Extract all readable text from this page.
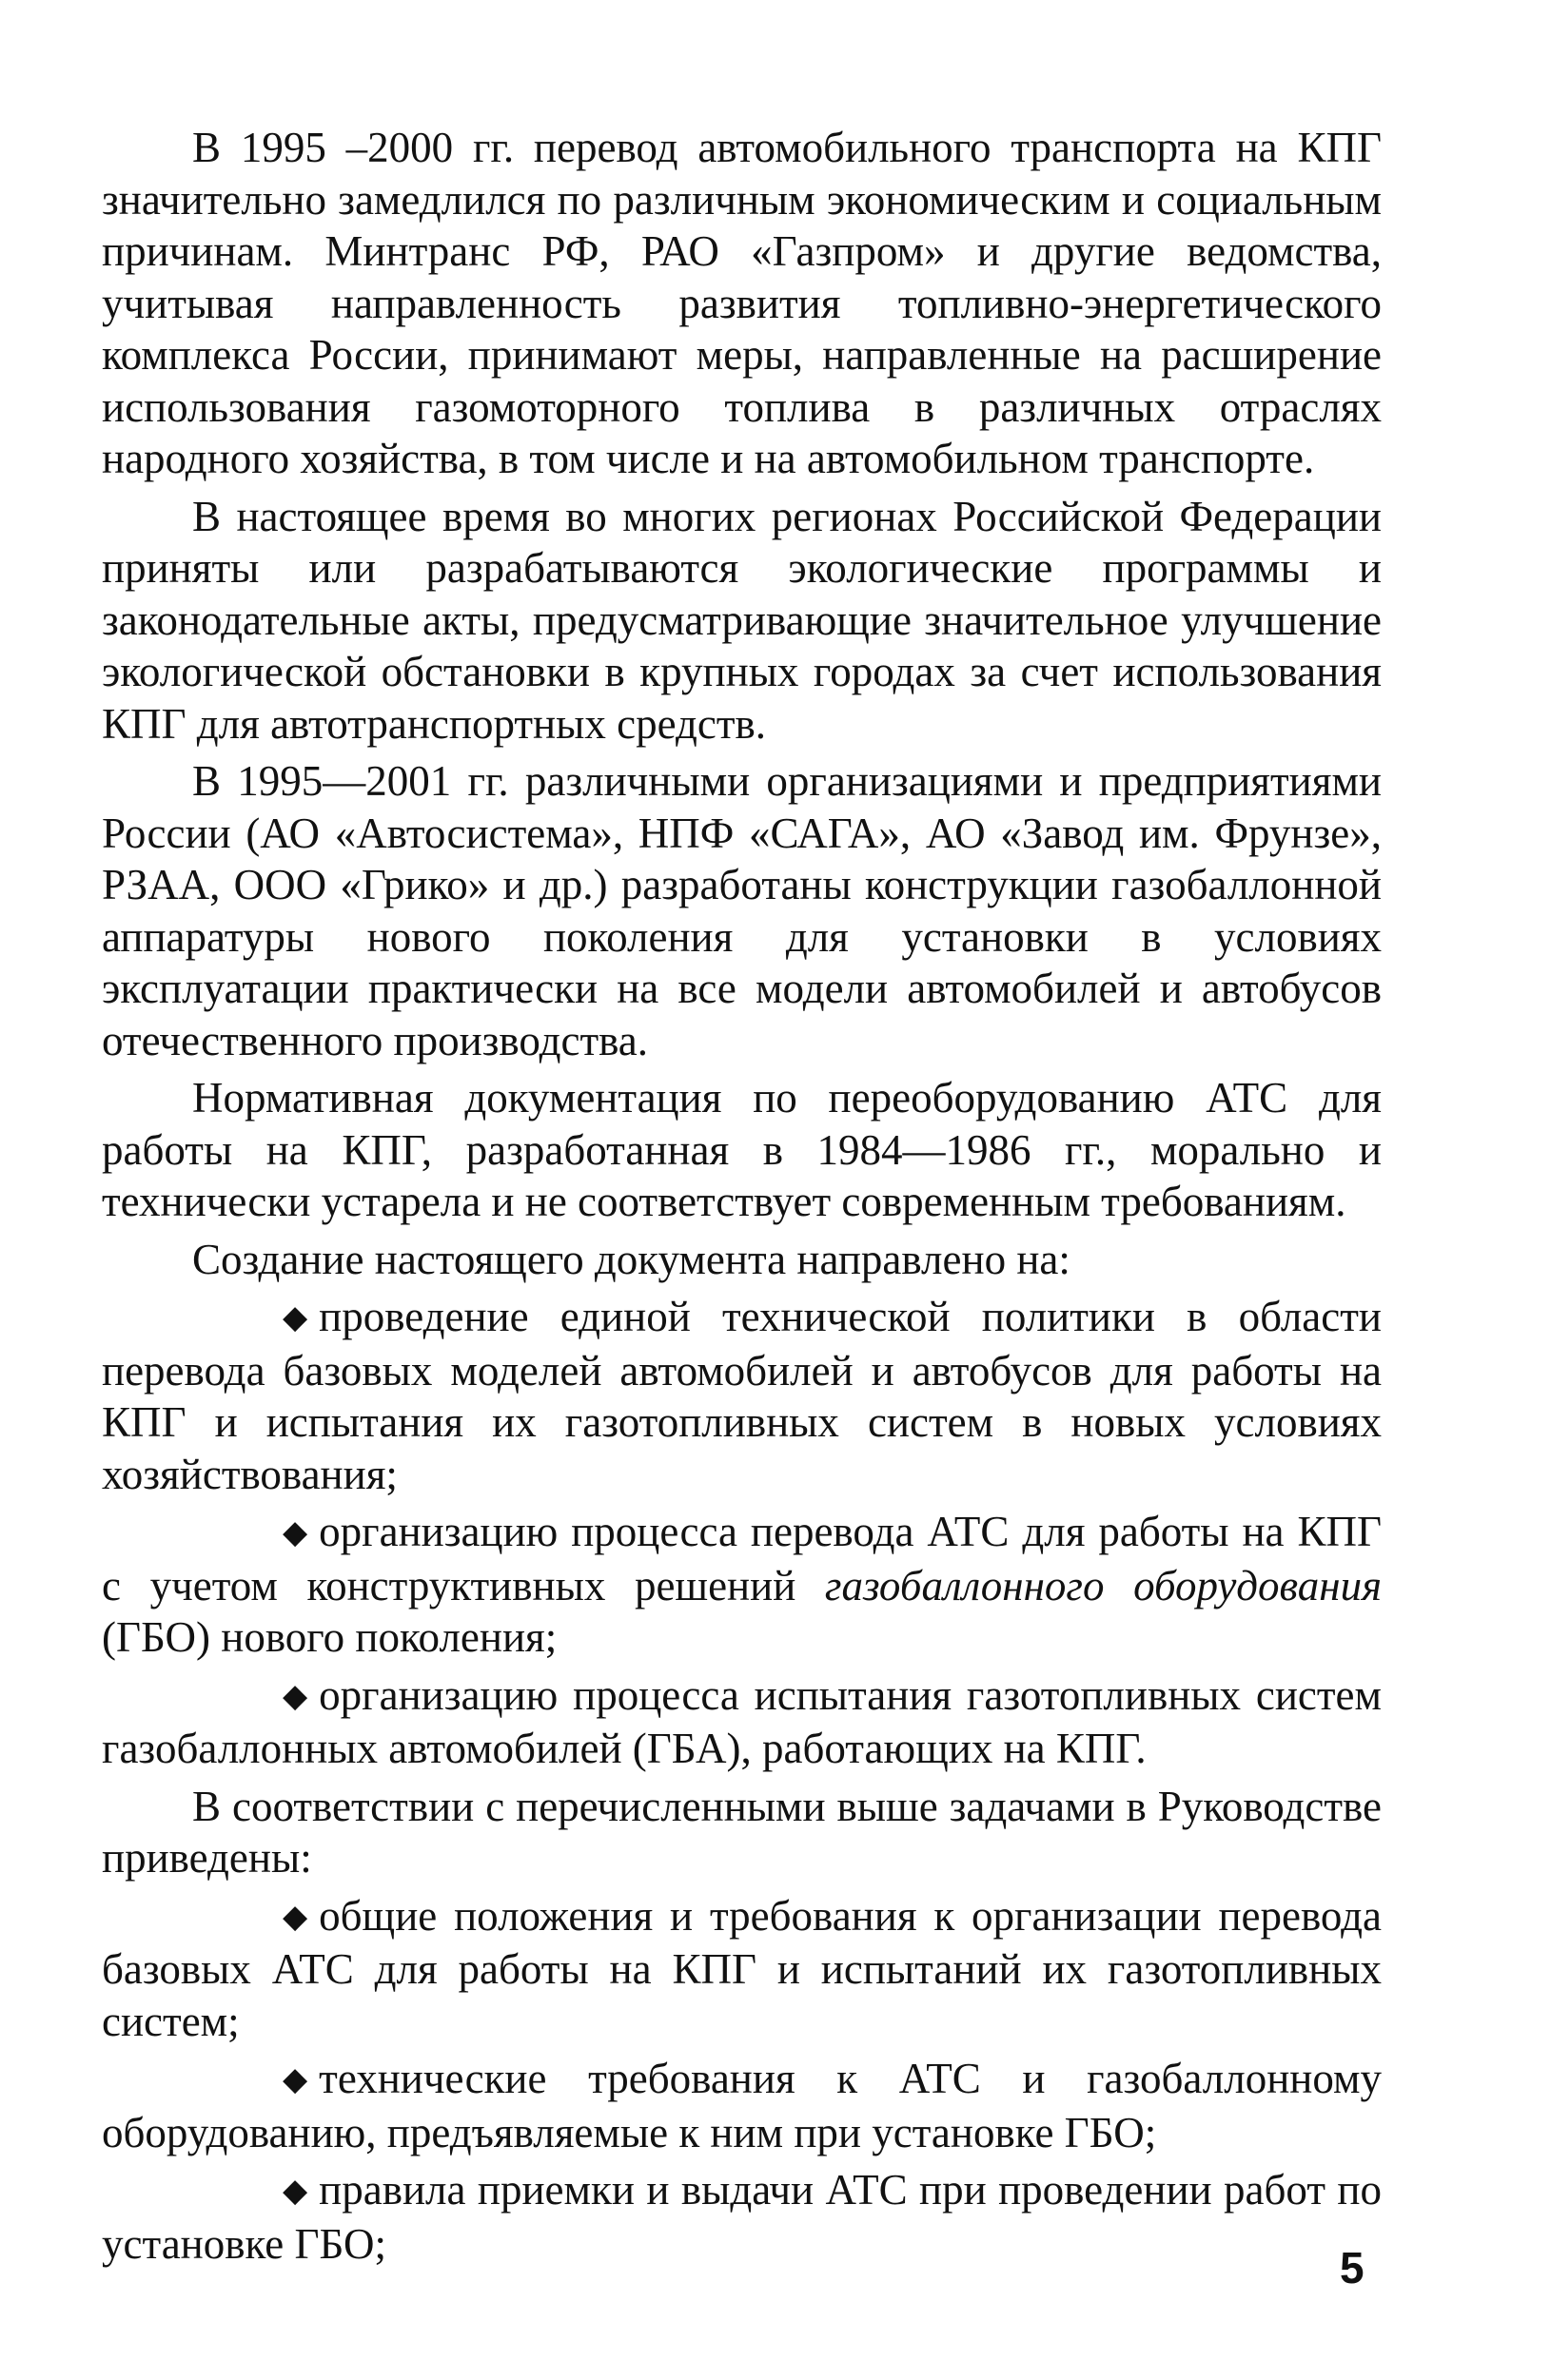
В 1995 –2000 гг. перевод автомобильного транспорта на КПГ значительно замедлился по различным экономическим и социальным причинам. Минтранс РФ, РАО «Газпром» и другие ведомства, учитывая направленность развития топливно-энергетического комплекса России, принимают меры, направленные на расширение использования газомоторного топлива в различных отраслях народного хозяйства, в том числе и на автомобильном транспорте.

В настоящее время во многих регионах Российской Федерации приняты или разрабатываются экологические программы и законодательные акты, предусматривающие значительное улучшение экологической обстановки в крупных городах за счет использования КПГ для автотранспортных средств.

В 1995—2001 гг. различными организациями и предприятиями России (АО «Автосистема», НПФ «САГА», АО «Завод им. Фрунзе», РЗАА, ООО «Грико» и др.) разработаны конструкции газобаллонной аппаратуры нового поколения для установки в условиях эксплуатации практически на все модели автомобилей и автобусов отечественного производства.

Нормативная документация по переоборудованию АТС для работы на КПГ, разработанная в 1984—1986 гг., морально и технически устарела и не соответствует современным требованиям.

Создание настоящего документа направлено на:

◆ проведение единой технической политики в области перевода базовых моделей автомобилей и автобусов для работы на КПГ и испытания их газотопливных систем в новых условиях хозяйствования;

◆ организацию процесса перевода АТС для работы на КПГ с учетом конструктивных решений газобаллонного оборудования (ГБО) нового поколения;

◆ организацию процесса испытания газотопливных систем газобаллонных автомобилей (ГБА), работающих на КПГ.

В соответствии с перечисленными выше задачами в Руководстве приведены:

◆ общие положения и требования к организации перевода базовых АТС для работы на КПГ и испытаний их газотопливных систем;

◆ технические требования к АТС и газобаллонному оборудованию, предъявляемые к ним при установке ГБО;

◆ правила приемки и выдачи АТС при проведении работ по установке ГБО;	5
